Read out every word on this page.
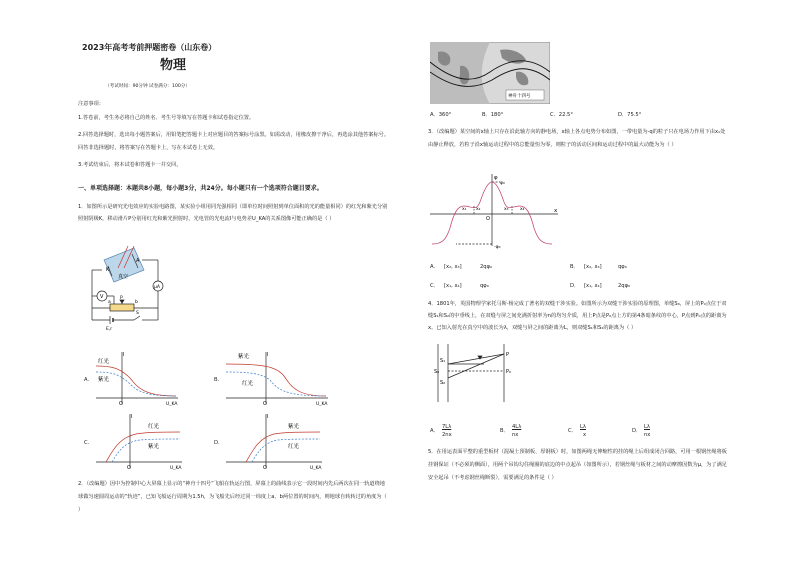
2023年高考考前押题密卷（山东卷）
物理
（考试时间：90分钟 试卷满分：100分）
注意事项：
1.答卷前，考生务必将自己的姓名、考生号等填写在答题卡和试卷指定位置。
2.回答选择题时，选出每小题答案后，用铅笔把答题卡上对应题目的答案标号涂黑。如需改动，用橡皮擦干净后，再选涂其他答案标号。回答非选择题时，将答案写在答题卡上，写在本试卷上无效。
3.考试结束后，将本试卷和答题卡一并交回。
一、单项选择题：本题共8小题，每小题3分，共24分。每小题只有一个选项符合题目要求。
1．如图所示是研究光电效应的实验电路图，某实验小组用同光强相同（即单位时间照射到单位面积的光的能量相同）的红光和紫光分别照射阴极K，移动滑片P分别用红光和紫光照射时，光电管的光电流I与电势差U_KA的关系图像可能正确的是（ ）
K
A
真空
V
μA
a
P
b
E,r
S
A.
红光
紫光
I
O	U_KA
B.
紫光
红光
I
O	U_KA
C.
红光
紫光
I
O	U_KA
D.
紫光
红光
I
O	U_KA
2．（改编题）因中为控制中心大屏幕上显示的“神舟十四号”飞船在轨运行图，屏幕上的曲线表示它一段时间内先后两次在同一轨道绕地球做匀速圆周运动的“轨迹”，已知飞船运行周期为1.5h，为飞船先后经过同一纬度上a、b两位置的时间内，则地球自转转过的角度为（ ）
神舟十四号
A．360°	B．180°	C．22.5°	D．75.5°
3．（改编题）某空间的x轴上只存在沿此轴方向的静电场，x轴上各点电势分布如图，一带电量为-q的粒子只在电场力作用下由x₁处由静止释放，若粒子沿x轴运动过程中的总能量恒为零，则粒子的活动区间和运动过程中的最大动能为为（ ）
φ
φ₀
-φ₀
x
O
x₁ x₂	x₃	x₄
A． [x₂, x₃]	2qφ₀	B． [x₂, x₃]	qφ₀
C． [x₁, x₄]	qφ₀	D． [x₁, x₄]	2qφ₀
4．1801年，英国物理学家托马斯·杨完成了著名的双缝干涉实验。如图所示为双缝干涉实验的原理图，单缝S₀，屏上的P₀点位于双缝S₁和S₂的中垂线上，在双缝与屏之间充满折射率为n的均匀介质，用上P点是P₀点上方的第4条暗条纹的中心，P点到P₀点的距离为x。已知入射光在真空中的波长为λ，双缝与屏之间的距离为L，则双缝S₁和S₂的距离为（ ）
S₁
S₀
S₂
P
P₀
A．
7Lλ
2nx
B．
4Lλ
nx
C．
Lλ
x
D．
Lλ
nx
5．在用运表面平整的重型板材（混凝土预制板、厚钢板）时，如图两绳无伸缩性的挂的绳上后组成闭合回路，可用一根钢丝绳将板挂钢保证（不必须的侧面），用两个吊钩勾住绳圈的底边的中点起吊（如图所示），若钢丝绳与板材之间的动摩擦因数为μ，为了满足安全起吊（不考虑钢丝绳断裂），需要满足的条件是（ ）
